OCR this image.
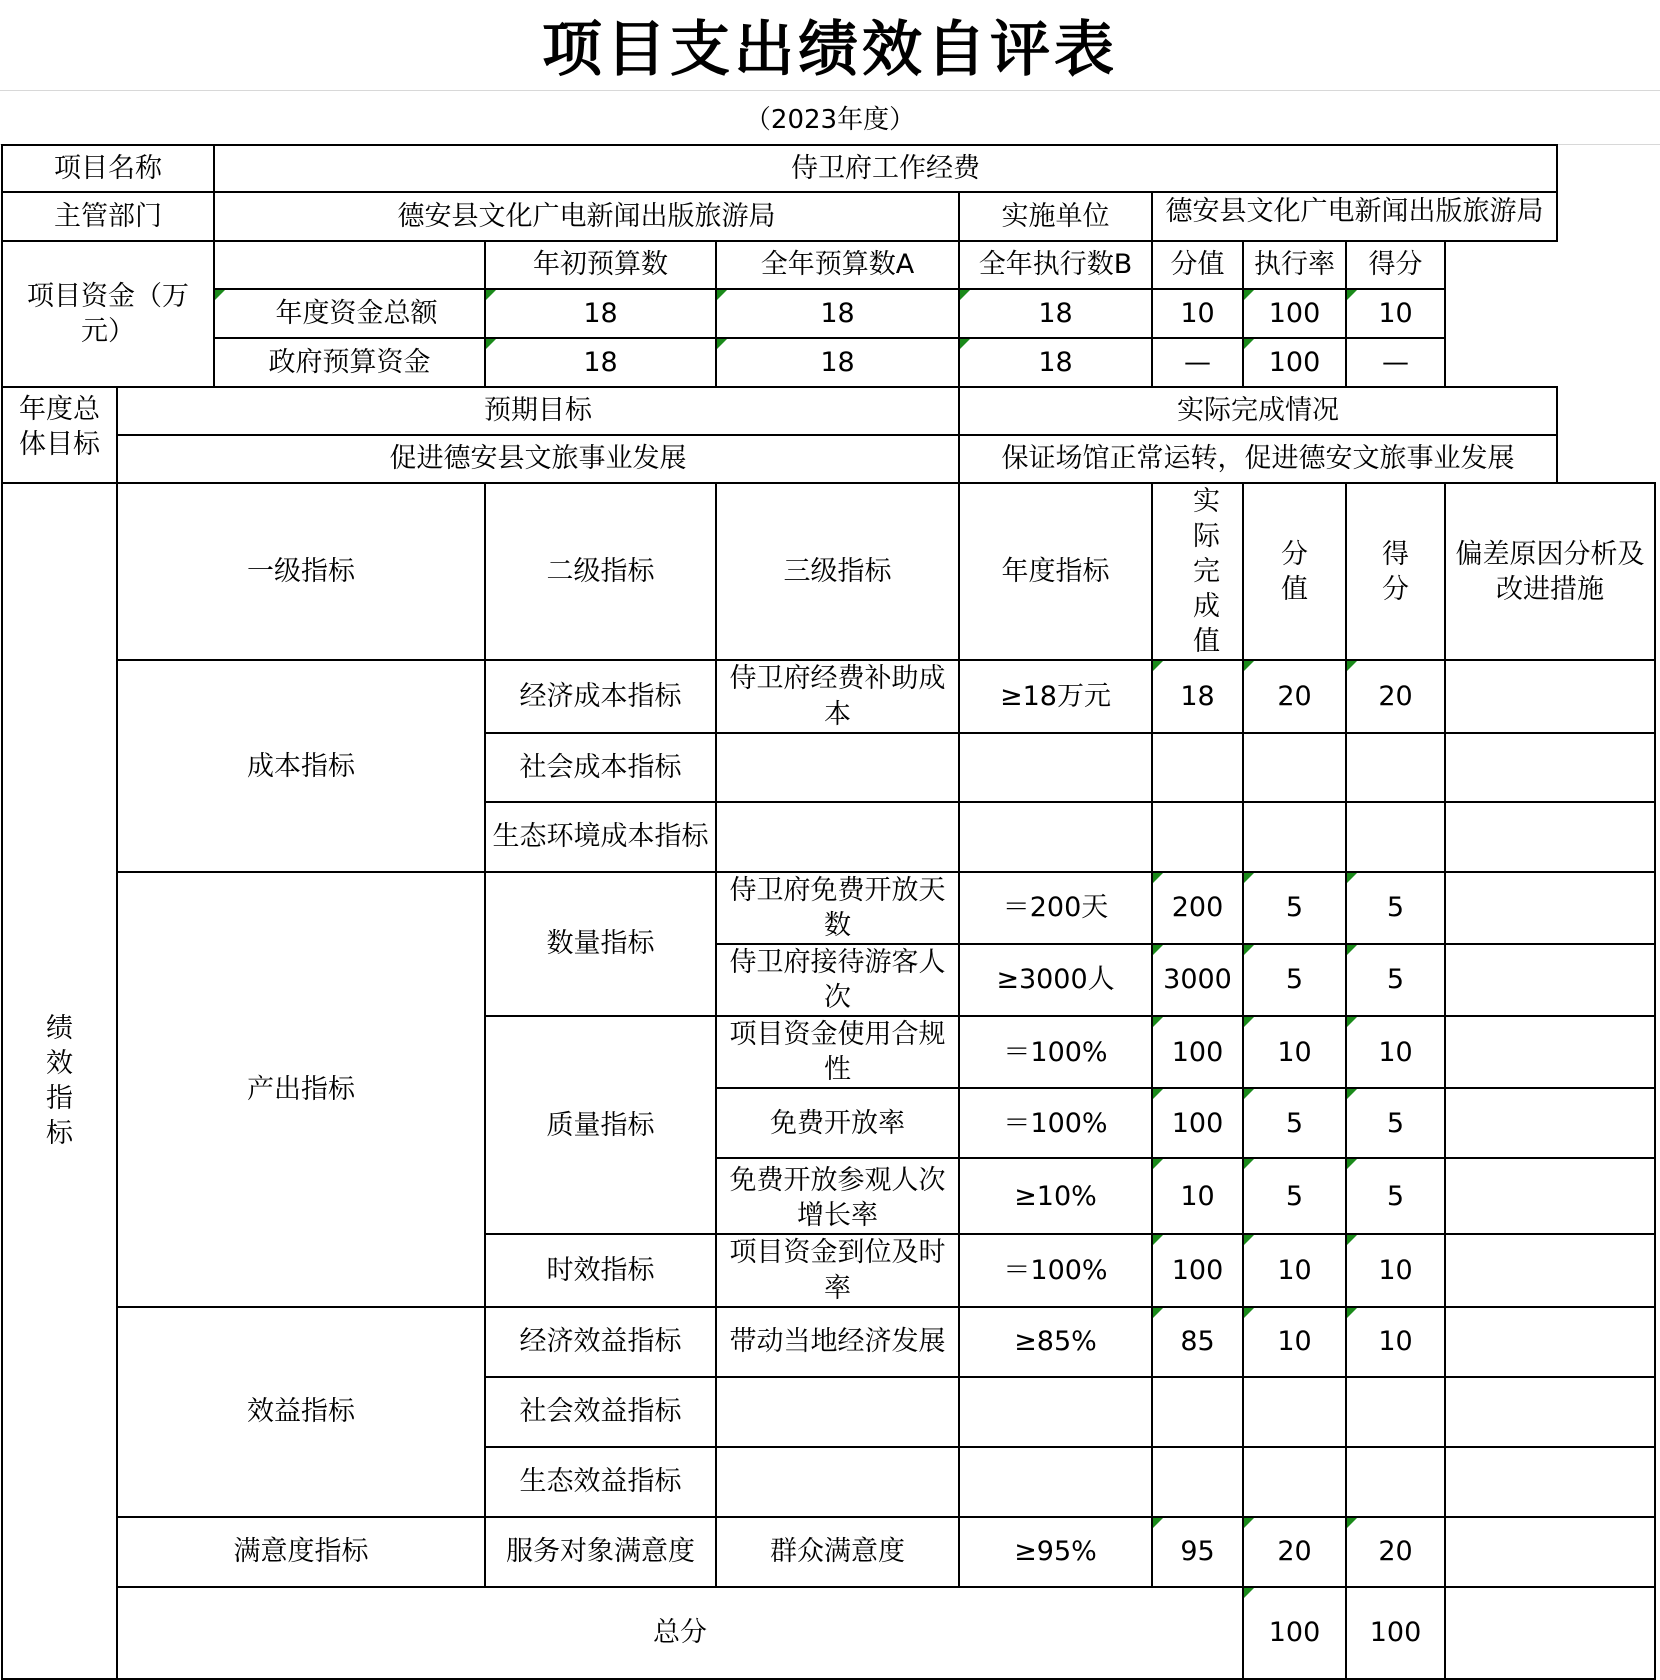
项目支出绩效自评表
（2023年度）
项目名称		侍卫府工作经费							
主管部门		德安县文化广电新闻出版旅游局			实施单位	德安县文化广电新闻出版旅游局			
项目资金（万元）			年初预算数	全年预算数A	全年执行数B	分值	执行率	得分	
		年度资金总额	18	18	18	10	100	10	
		政府预算资金	18	18	18	—	100	—	
年度总体目标	预期目标				实际完成情况				
	促进德安县文旅事业发展				保证场馆正常运转，促进德安文旅事业发展				
绩效指标	一级指标		二级指标	三级指标	年度指标	实际完成值	分值	得分	偏差原因分析及改进措施
	成本指标		经济成本指标	侍卫府经费补助成本	≥18万元	18	20	20	
			社会成本指标						
			生态环境成本指标						
	产出指标		数量指标	侍卫府免费开放天数	＝200天	200	5	5	
				侍卫府接待游客人次	≥3000人	3000	5	5	
			质量指标	项目资金使用合规性	＝100%	100	10	10	
				免费开放率	＝100%	100	5	5	
				免费开放参观人次增长率	≥10%	10	5	5	
			时效指标	项目资金到位及时率	＝100%	100	10	10	
	效益指标		经济效益指标	带动当地经济发展	≥85%	85	10	10	
			社会效益指标						
			生态效益指标						
	满意度指标		服务对象满意度	群众满意度	≥95%	95	20	20	
	总分						100	100	
